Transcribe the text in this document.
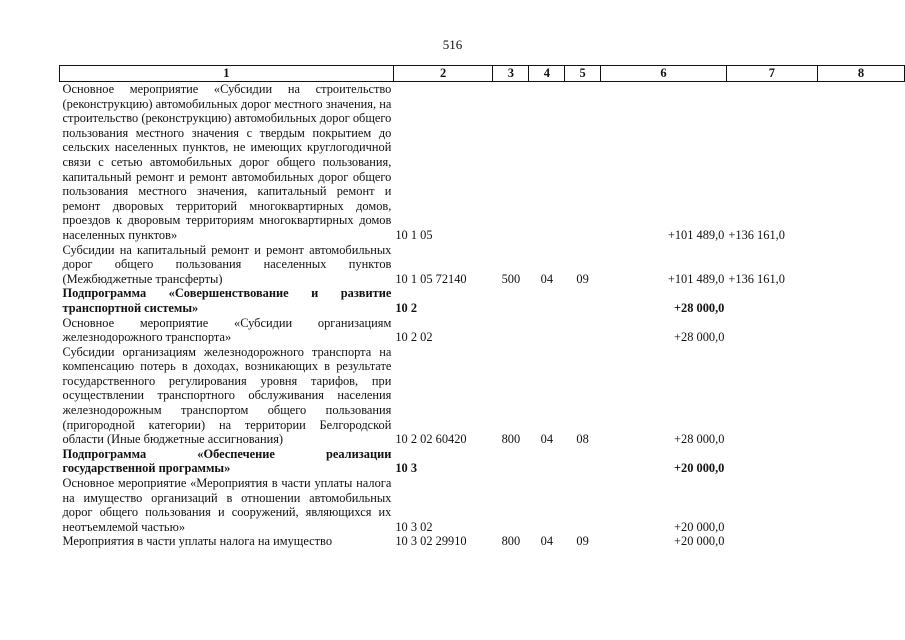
516
1	2	3	4	5	6	7	8
Основное мероприятие «Субсидии на строительство (реконструкцию) автомобильных дорог местного значения, на строительство (реконструкцию) автомобильных дорог общего пользования местного значения с твердым покрытием до сельских населенных пунктов, не имеющих круглогодичной связи с сетью автомобильных дорог общего пользования, капитальный ремонт и ремонт автомобильных дорог общего пользования местного значения, капитальный ремонт и ремонт дворовых территорий многоквартирных домов, проездов к дворовым территориям многоквартирных домов населенных пунктов»	10 1 05				+101 489,0	+136 161,0	
Субсидии на капитальный ремонт и ремонт автомобильных дорог общего пользования населенных пунктов (Межбюджетные трансферты)	10 1 05 72140	500	04	09	+101 489,0	+136 161,0	
Подпрограмма «Совершенствование и развитие транспортной системы»	10 2				+28 000,0		
Основное мероприятие «Субсидии организациям железнодорожного транспорта»	10 2 02				+28 000,0		
Субсидии организациям железнодорожного транспорта на компенсацию потерь в доходах, возникающих в результате государственного регулирования уровня тарифов, при осуществлении транспортного обслуживания населения железнодорожным транспортом общего пользования (пригородной категории) на территории Белгородской области (Иные бюджетные ассигнования)	10 2 02 60420	800	04	08	+28 000,0		
Подпрограмма «Обеспечение реализации государственной программы»	10 3				+20 000,0		
Основное мероприятие «Мероприятия в части уплаты налога на имущество организаций в отношении автомобильных дорог общего пользования и сооружений, являющихся их неотъемлемой частью»	10 3 02				+20 000,0		
Мероприятия в части уплаты налога на имущество	10 3 02 29910	800	04	09	+20 000,0		
